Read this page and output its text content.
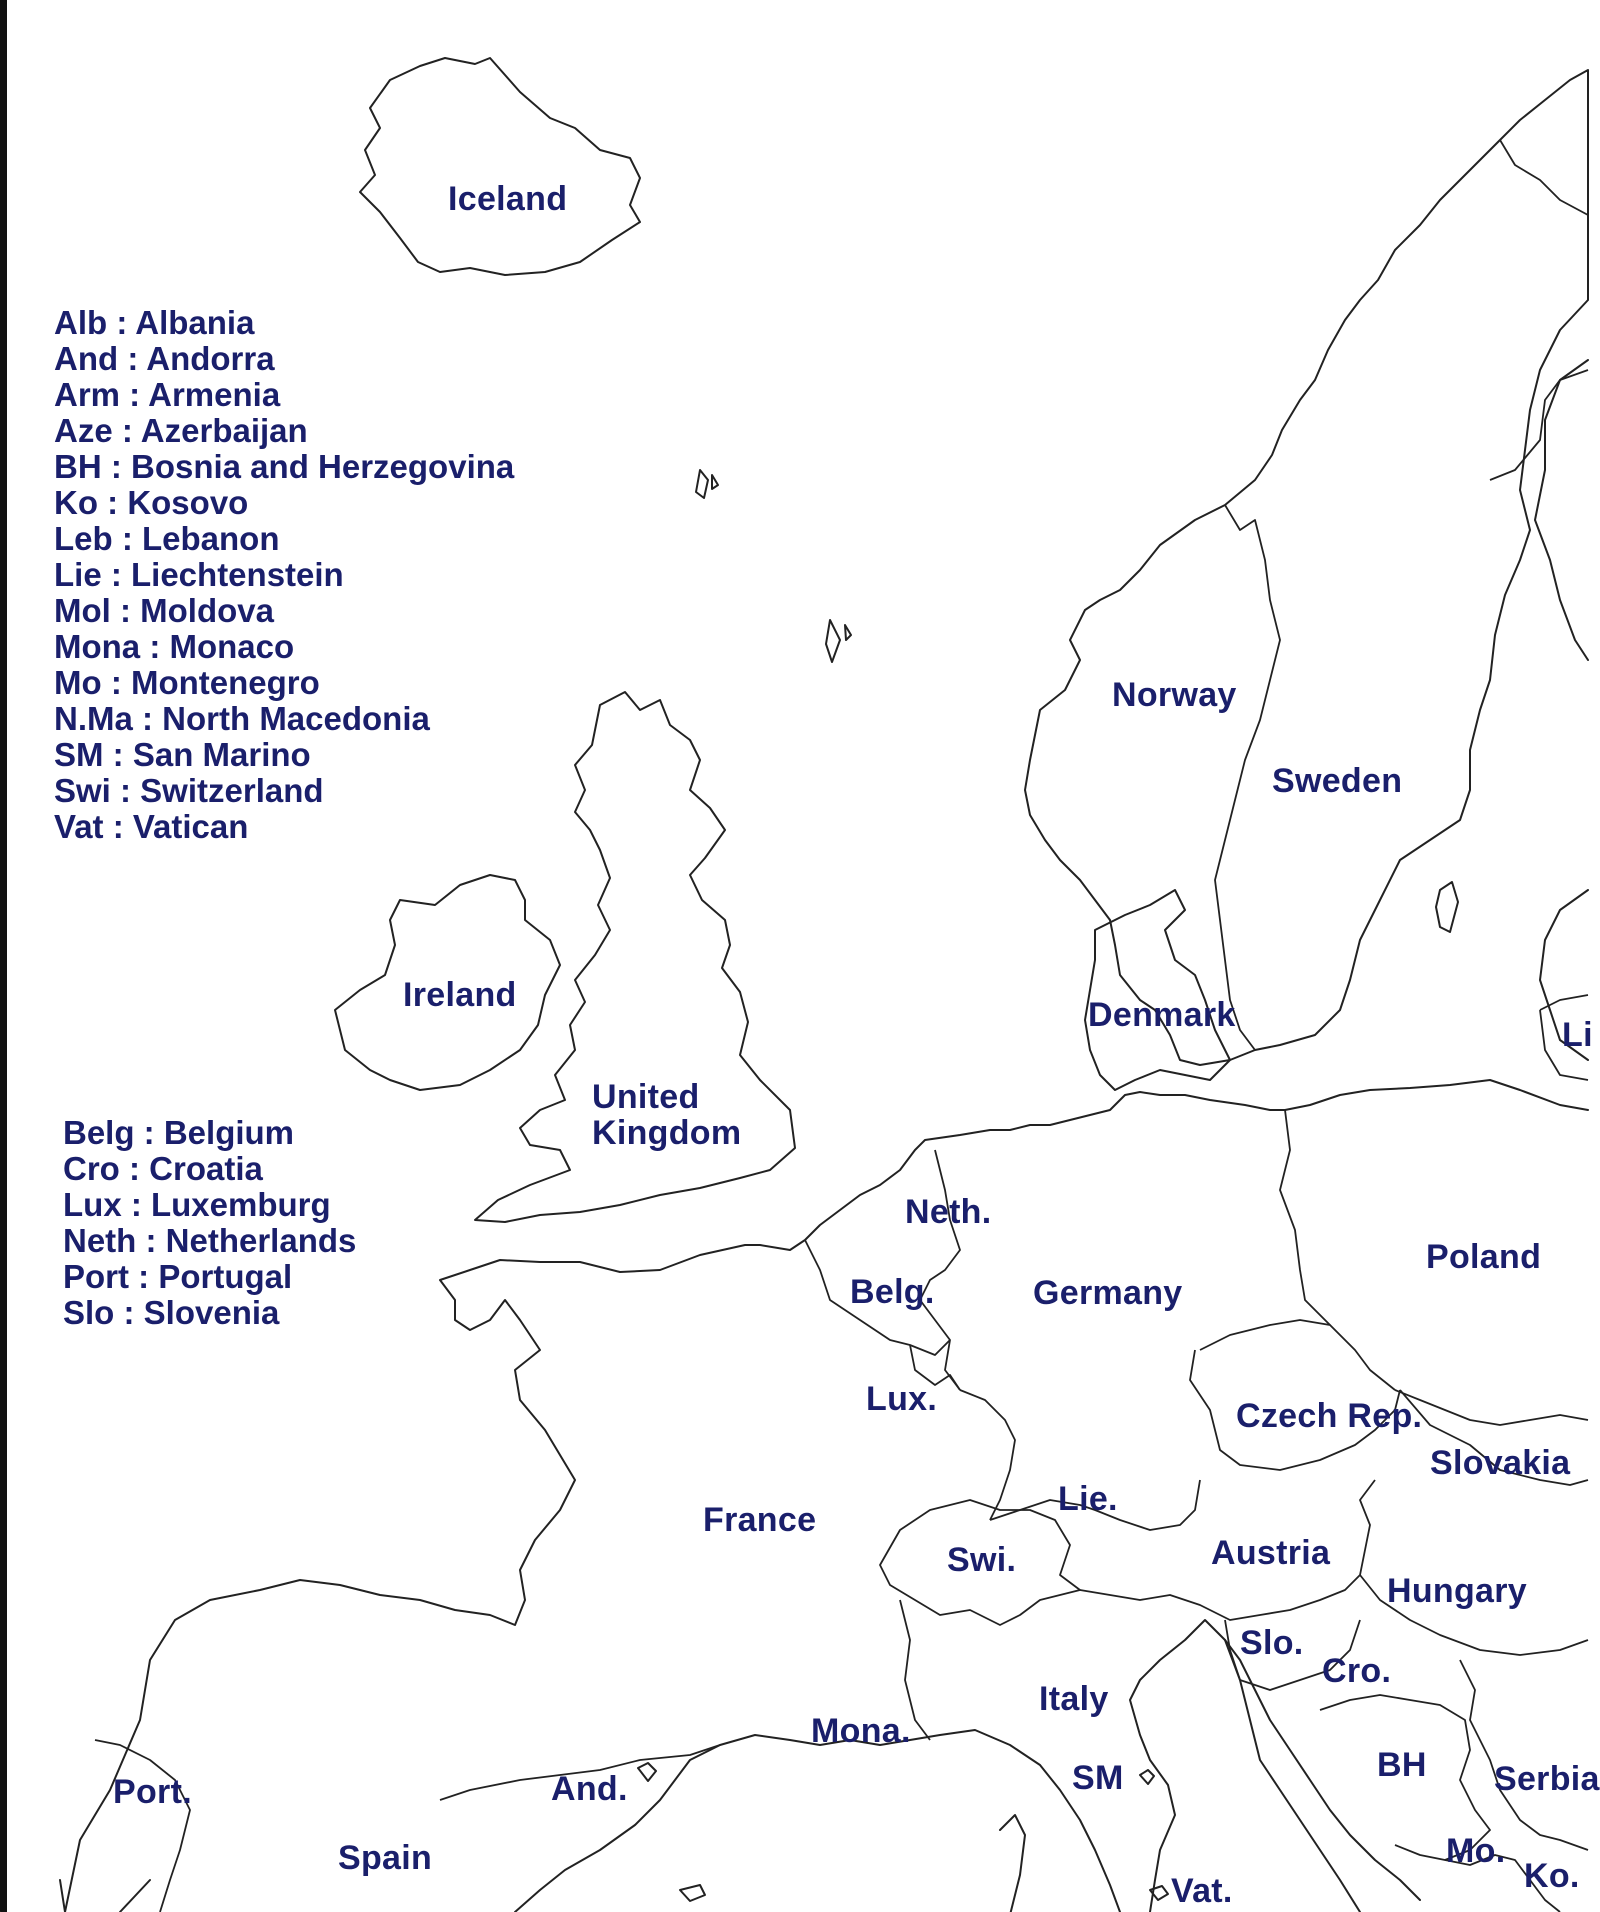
Alb : Albania
And : Andorra
Arm : Armenia
Aze : Azerbaijan
BH : Bosnia and Herzegovina
Ko : Kosovo
Leb : Lebanon
Lie : Liechtenstein
Mol : Moldova
Mona : Monaco
Mo : Montenegro
N.Ma : North Macedonia
SM : San Marino
Swi : Switzerland
Vat : Vatican
Belg : Belgium
Cro : Croatia
Lux : Luxemburg
Neth : Netherlands
Port : Portugal
Slo : Slovenia
Iceland
Ireland
United
Kingdom
Norway
Sweden
Denmark
Li
Neth.
Belg.
Lux.
Germany
Poland
Czech Rep.
Slovakia
France
Lie.
Swi.	Austria
Hungary
Slo.
Cro.
Italy
Mona.
SM	BH Serbia
Port.	And.
Spain	Mo.
Ko.
Vat.
